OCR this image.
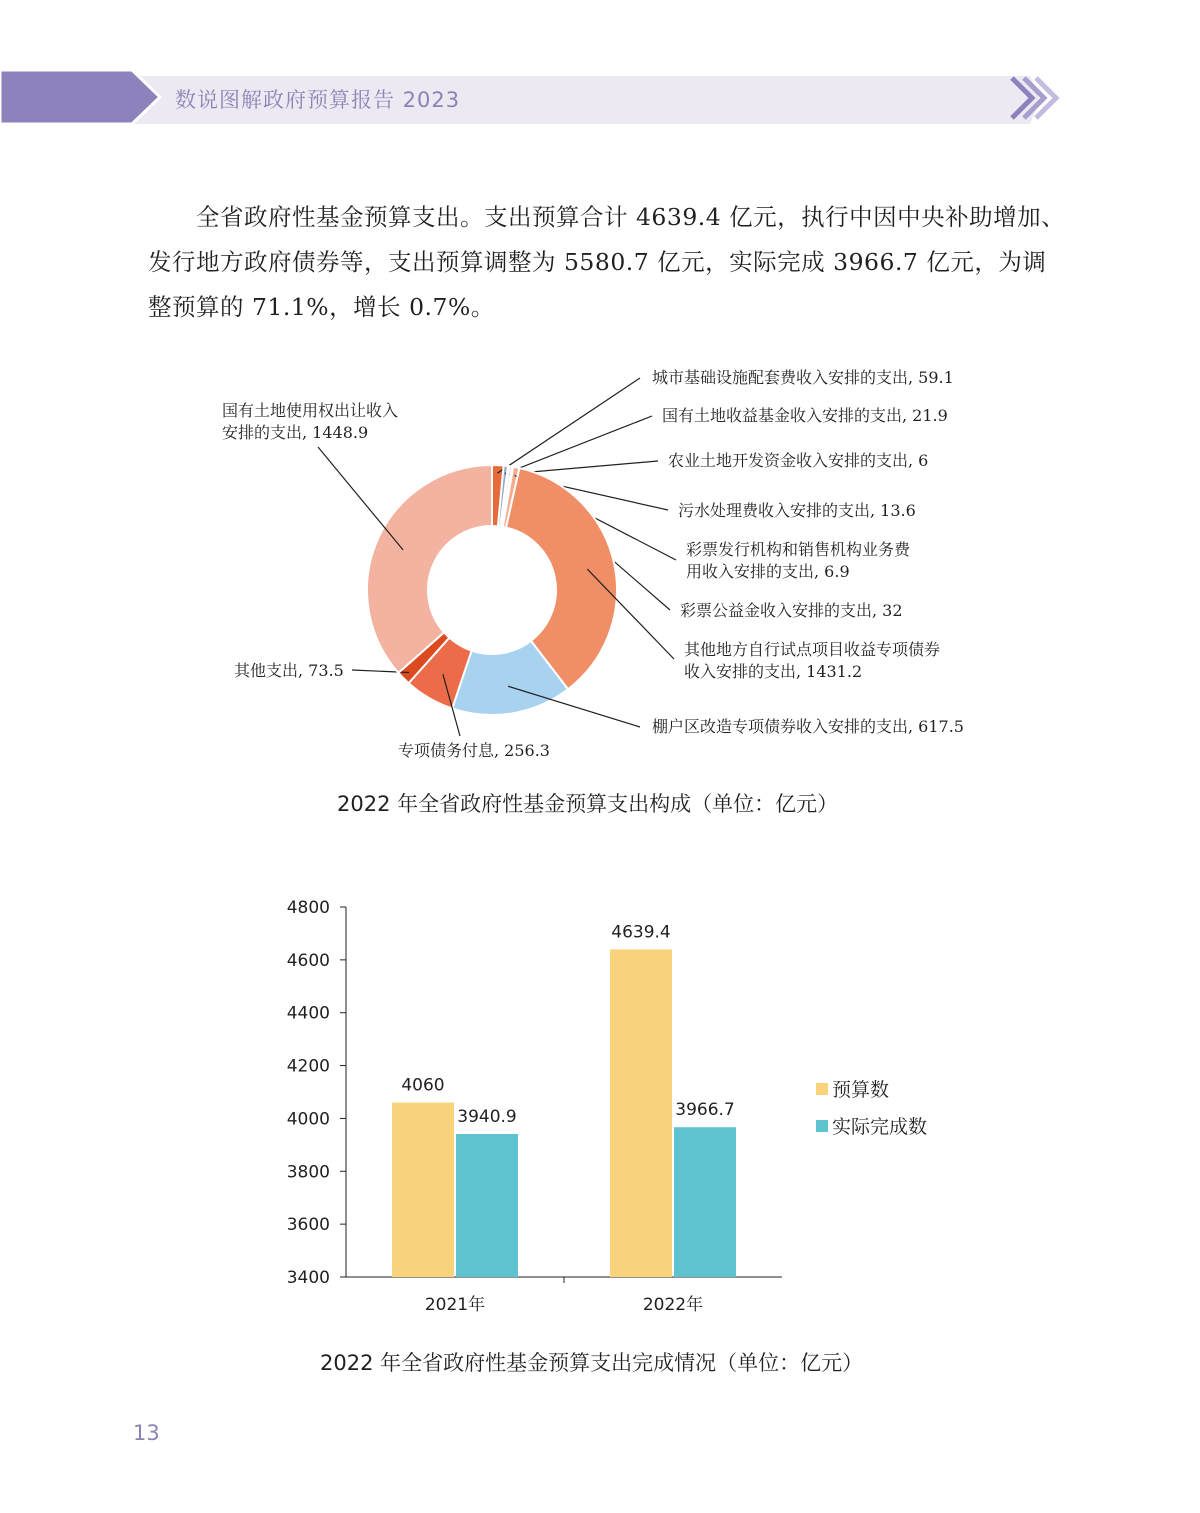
数说图解政府预算报告 2023
全省政府性基金预算支出。支出预算合计 4639.4 亿元，执行中因中央补助增加、
发行地方政府债券等，支出预算调整为 5580.7 亿元，实际完成 3966.7 亿元，为调
整预算的 71.1%，增长 0.7%。
城市基础设施配套费收入安排的支出, 59.1
国有土地收益基金收入安排的支出, 21.9
农业土地开发资金收入安排的支出, 6
污水处理费收入安排的支出, 13.6
彩票发行机构和销售机构业务费
用收入安排的支出, 6.9
彩票公益金收入安排的支出, 32
其他地方自行试点项目收益专项债券
收入安排的支出, 1431.2
棚户区改造专项债券收入安排的支出, 617.5
专项债务付息, 256.3
其他支出, 73.5
国有土地使用权出让收入
安排的支出, 1448.9
2022 年全省政府性基金预算支出构成（单位：亿元）
3400
3600
3800
4000
4200
4400
4600
4800
2021年
4060
3940.9
2022年
4639.4
3966.7
预算数
实际完成数
2022 年全省政府性基金预算支出完成情况（单位：亿元）
13
